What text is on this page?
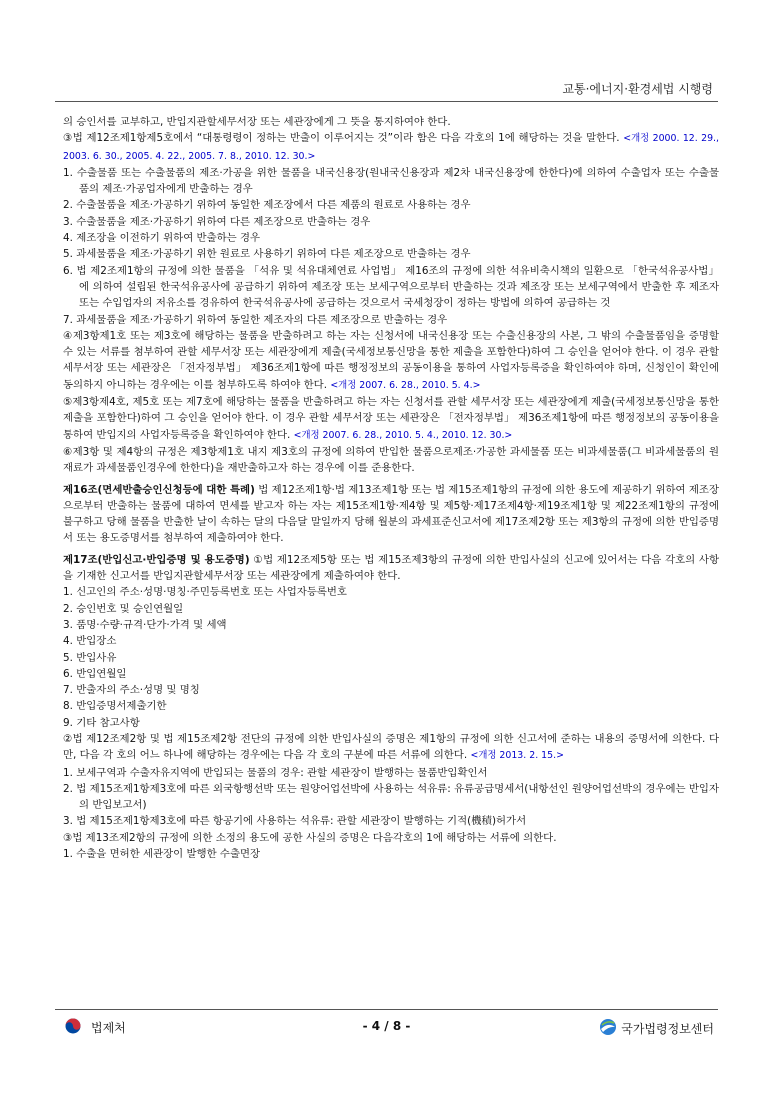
교통·에너지·환경세법 시행령

의 승인서를 교부하고, 반입지관할세무서장 또는 세관장에게 그 뜻을 통지하여야 한다.

③법 제12조제1항제5호에서 “대통령령이 정하는 반출이 이루어지는 것”이라 함은 다음 각호의 1에 해당하는 것을 말한다. <개정 2000. 12. 29., 2003. 6. 30., 2005. 4. 22., 2005. 7. 8., 2010. 12. 30.>

1. 수출물품 또는 수출물품의 제조·가공을 위한 물품을 내국신용장(원내국신용장과 제2차 내국신용장에 한한다)에 의하여 수출업자 또는 수출물품의 제조·가공업자에게 반출하는 경우

2. 수출물품을 제조·가공하기 위하여 동일한 제조장에서 다른 제품의 원료로 사용하는 경우

3. 수출물품을 제조·가공하기 위하여 다른 제조장으로 반출하는 경우

4. 제조장을 이전하기 위하여 반출하는 경우

5. 과세물품을 제조·가공하기 위한 원료로 사용하기 위하여 다른 제조장으로 반출하는 경우

6. 법 제2조제1항의 규정에 의한 물품을 「석유 및 석유대체연료 사업법」 제16조의 규정에 의한 석유비축시책의 일환으로 「한국석유공사법」에 의하여 설립된 한국석유공사에 공급하기 위하여 제조장 또는 보세구역으로부터 반출하는 것과 제조장 또는 보세구역에서 반출한 후 제조자 또는 수입업자의 저유소를 경유하여 한국석유공사에 공급하는 것으로서 국세청장이 정하는 방법에 의하여 공급하는 것

7. 과세물품을 제조·가공하기 위하여 동일한 제조자의 다른 제조장으로 반출하는 경우

④제3항제1호 또는 제3호에 해당하는 물품을 반출하려고 하는 자는 신청서에 내국신용장 또는 수출신용장의 사본, 그 밖의 수출물품임을 증명할 수 있는 서류를 첨부하여 관할 세무서장 또는 세관장에게 제출(국세정보통신망을 통한 제출을 포함한다)하여 그 승인을 얻어야 한다. 이 경우 관할 세무서장 또는 세관장은 「전자정부법」 제36조제1항에 따른 행정정보의 공동이용을 통하여 사업자등록증을 확인하여야 하며, 신청인이 확인에 동의하지 아니하는 경우에는 이를 첨부하도록 하여야 한다. <개정 2007. 6. 28., 2010. 5. 4.>

⑤제3항제4호, 제5호 또는 제7호에 해당하는 물품을 반출하려고 하는 자는 신청서를 관할 세무서장 또는 세관장에게 제출(국세정보통신망을 통한 제출을 포함한다)하여 그 승인을 얻어야 한다. 이 경우 관할 세무서장 또는 세관장은 「전자정부법」 제36조제1항에 따른 행정정보의 공동이용을 통하여 반입지의 사업자등록증을 확인하여야 한다. <개정 2007. 6. 28., 2010. 5. 4., 2010. 12. 30.>

⑥제3항 및 제4항의 규정은 제3항제1호 내지 제3호의 규정에 의하여 반입한 물품으로제조·가공한 과세물품 또는 비과세물품(그 비과세물품의 원재료가 과세물품인경우에 한한다)을 재반출하고자 하는 경우에 이를 준용한다.

제16조(면세반출승인신청등에 대한 특례) 법 제12조제1항·법 제13조제1항 또는 법 제15조제1항의 규정에 의한 용도에 제공하기 위하여 제조장으로부터 반출하는 물품에 대하여 면세를 받고자 하는 자는 제15조제1항·제4항 및 제5항·제17조제4항·제19조제1항 및 제22조제1항의 규정에 불구하고 당해 물품을 반출한 날이 속하는 달의 다음달 말일까지 당해 월분의 과세표준신고서에 제17조제2항 또는 제3항의 규정에 의한 반입증명서 또는 용도증명서를 첨부하여 제출하여야 한다.

제17조(반입신고·반입증명 및 용도증명) ①법 제12조제5항 또는 법 제15조제3항의 규정에 의한 반입사실의 신고에 있어서는 다음 각호의 사항을 기재한 신고서를 반입지관할세무서장 또는 세관장에게 제출하여야 한다.

1. 신고인의 주소·성명·명칭·주민등록번호 또는 사업자등록번호

2. 승인번호 및 승인연월일

3. 품명·수량·규격·단가·가격 및 세액

4. 반입장소

5. 반입사유

6. 반입연월일

7. 반출자의 주소·성명 및 명칭

8. 반입증명서제출기한

9. 기타 참고사항

②법 제12조제2항 및 법 제15조제2항 전단의 규정에 의한 반입사실의 증명은 제1항의 규정에 의한 신고서에 준하는 내용의 증명서에 의한다. 다만, 다음 각 호의 어느 하나에 해당하는 경우에는 다음 각 호의 구분에 따른 서류에 의한다. <개정 2013. 2. 15.>

1. 보세구역과 수출자유지역에 반입되는 물품의 경우: 관할 세관장이 발행하는 물품반입확인서

2. 법 제15조제1항제3호에 따른 외국항행선박 또는 원양어업선박에 사용하는 석유류: 유류공급명세서(내항선인 원양어업선박의 경우에는 반입자의 반입보고서)

3. 법 제15조제1항제3호에 따른 항공기에 사용하는 석유류: 관할 세관장이 발행하는 기적(機積)허가서

③법 제13조제2항의 규정에 의한 소정의 용도에 공한 사실의 증명은 다음각호의 1에 해당하는 서류에 의한다.

1. 수출을 면허한 세관장이 발행한 수출면장

법제처	- 4 / 8 -	국가법령정보센터
